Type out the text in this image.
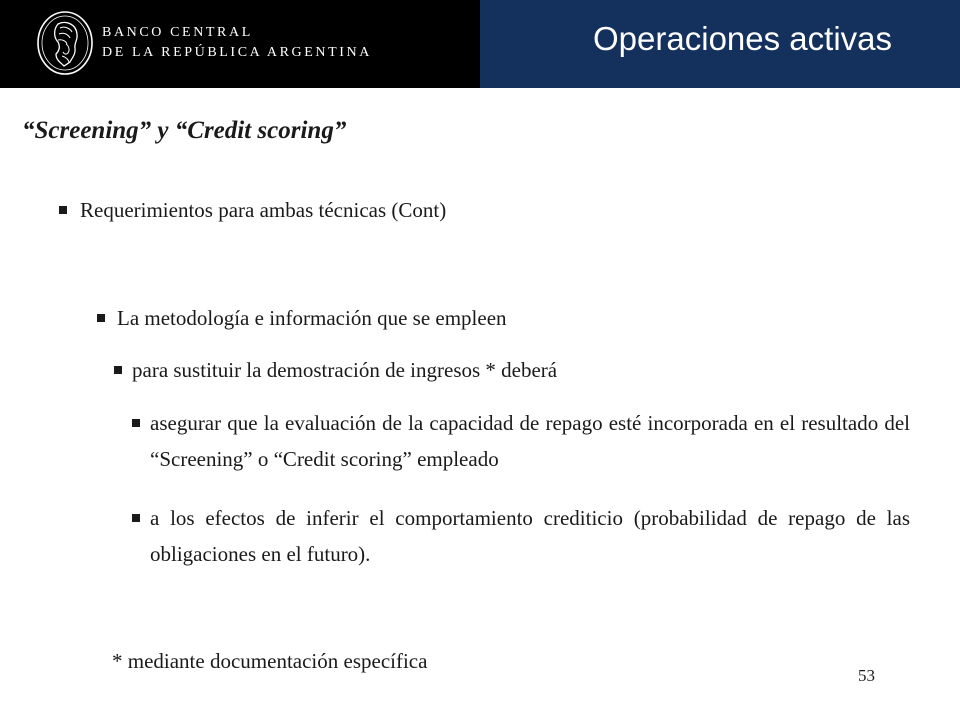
BANCO CENTRAL
DE LA REPÚBLICA ARGENTINA	Operaciones activas
“Screening” y “Credit scoring”
Requerimientos para ambas técnicas (Cont)
La metodología e información que se empleen
para sustituir la demostración de ingresos * deberá
asegurar que la evaluación de la capacidad de repago esté incorporada en el resultado del “Screening” o “Credit scoring” empleado
a los efectos de inferir el comportamiento crediticio (probabilidad de repago de las obligaciones en el futuro).
* mediante documentación específica
53
